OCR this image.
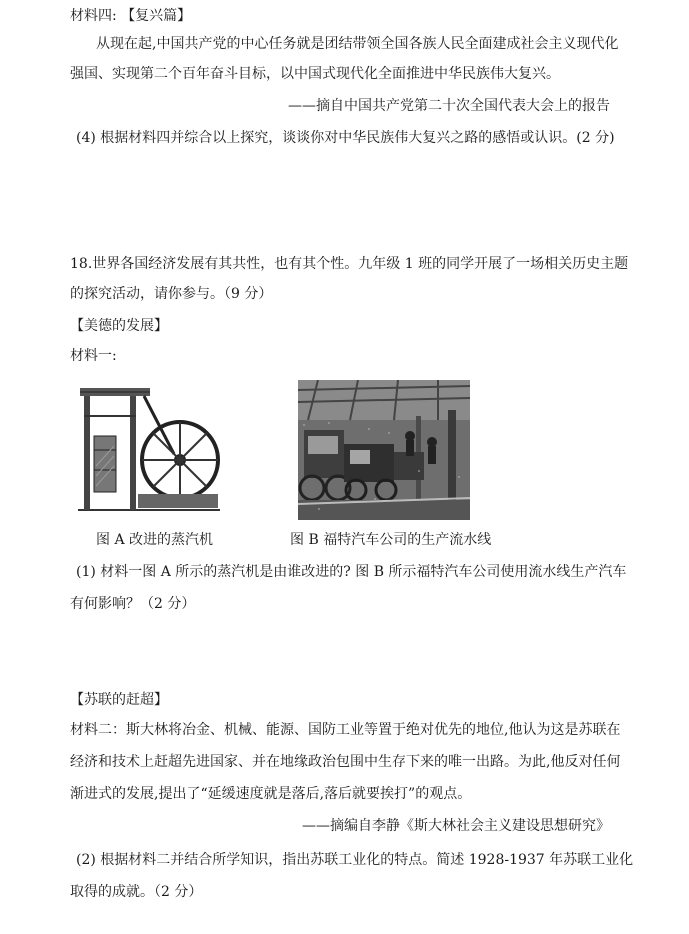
材料四: 【复兴篇】
从现在起,中国共产党的中心任务就是团结带领全国各族人民全面建成社会主义现代化
强国、实现第二个百年奋斗目标，以中国式现代化全面推进中华民族伟大复兴。
——摘自中国共产党第二十次全国代表大会上的报告
(4) 根据材料四并综合以上探究，谈谈你对中华民族伟大复兴之路的感悟或认识。(2 分)
18.世界各国经济发展有其共性，也有其个性。九年级 1 班的同学开展了一场相关历史主题
的探究活动，请你参与。（9 分）
【美德的发展】
材料一:
图 A 改进的蒸汽机	图 B 福特汽车公司的生产流水线
(1) 材料一图 A 所示的蒸汽机是由谁改进的? 图 B 所示福特汽车公司使用流水线生产汽车
有何影响？（2 分）
【苏联的赶超】
材料二：斯大林将冶金、机械、能源、国防工业等置于绝对优先的地位,他认为这是苏联在
经济和技术上赶超先进国家、并在地缘政治包围中生存下来的唯一出路。为此,他反对任何
渐进式的发展,提出了“延缓速度就是落后,落后就要挨打”的观点。
——摘编自李静《斯大林社会主义建设思想研究》
(2) 根据材料二并结合所学知识，指出苏联工业化的特点。简述 1928-1937 年苏联工业化
取得的成就。（2 分）
